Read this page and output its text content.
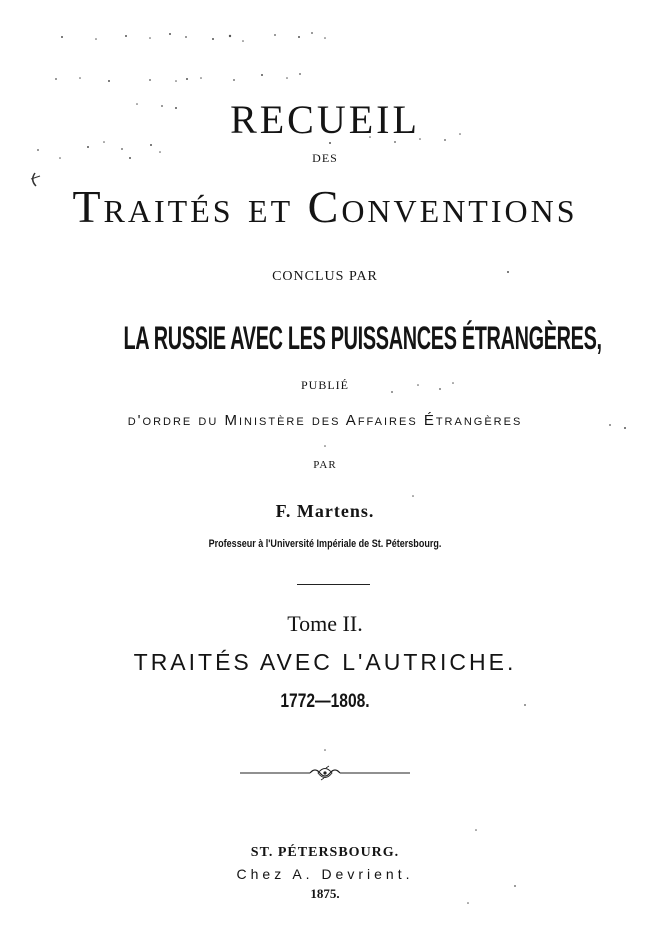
RECUEIL
DES
Traités et Conventions
CONCLUS PAR
LA RUSSIE AVEC LES PUISSANCES ÉTRANGÈRES,
PUBLIÉ
d'ordre du Ministère des Affaires Étrangères
PAR
F. Martens.
Professeur à l'Université Impériale de St. Pétersbourg.
Tome II.
TRAITÉS AVEC L'AUTRICHE.
1772—1808.
ST. PÉTERSBOURG.
Chez A. Devrient.
1875.
